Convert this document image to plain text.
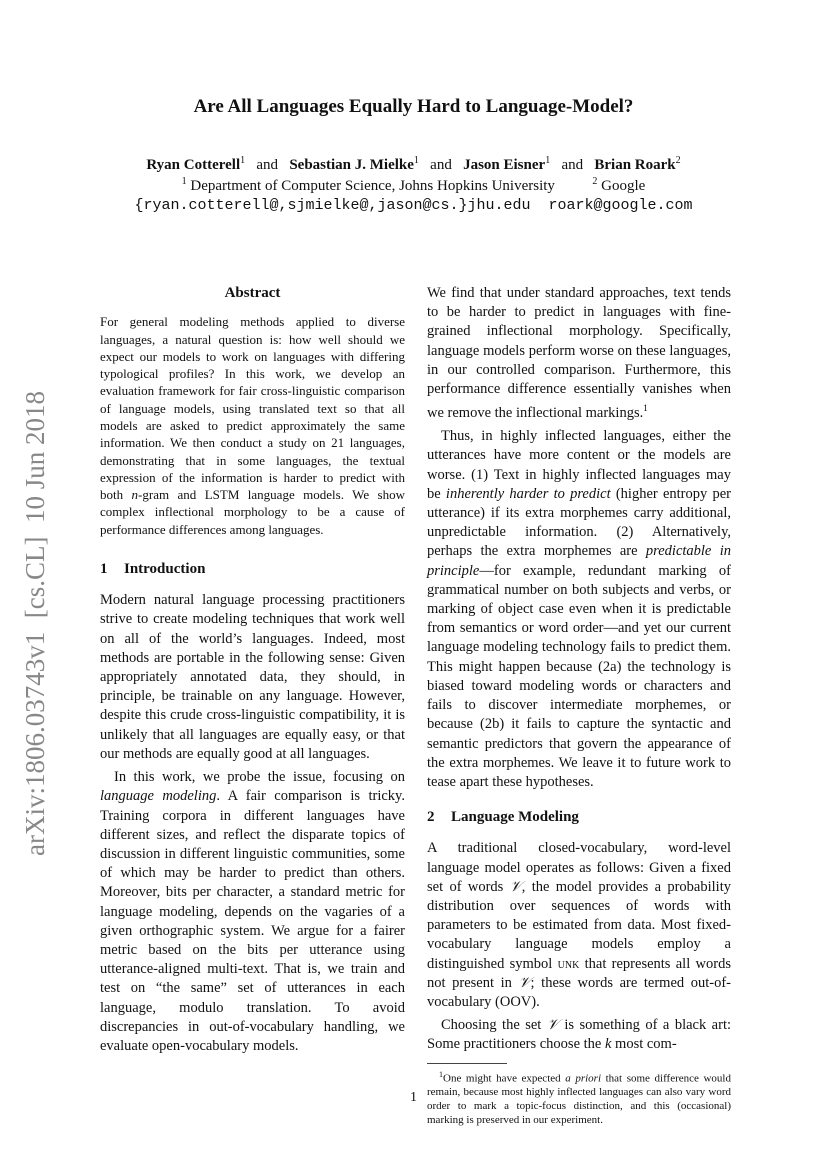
Are All Languages Equally Hard to Language-Model?
Ryan Cotterell$^1$ and Sebastian J. Mielke$^1$ and Jason Eisner$^1$ and Brian Roark$^2$
$^1$ Department of Computer Science, Johns Hopkins University	$^2$ Google
{ryan.cotterell@,sjmielke@,jason@cs.}jhu.edu  roark@google.com
arXiv:1806.03743v1  [cs.CL]  10 Jun 2018
Abstract

For general modeling methods applied to diverse languages, a natural question is: how well should we expect our models to work on languages with differing typological profiles? In this work, we develop an evaluation framework for fair cross-linguistic comparison of language models, using translated text so that all models are asked to predict approximately the same information. We then conduct a study on 21 languages, demonstrating that in some languages, the textual expression of the information is harder to predict with both n-gram and LSTM language models. We show complex inflectional morphology to be a cause of performance differences among languages.

1 Introduction

Modern natural language processing practitioners strive to create modeling techniques that work well on all of the world’s languages. Indeed, most methods are portable in the following sense: Given appropriately annotated data, they should, in principle, be trainable on any language. However, despite this crude cross-linguistic compatibility, it is unlikely that all languages are equally easy, or that our methods are equally good at all languages.

In this work, we probe the issue, focusing on language modeling. A fair comparison is tricky. Training corpora in different languages have different sizes, and reflect the disparate topics of discussion in different linguistic communities, some of which may be harder to predict than others. Moreover, bits per character, a standard metric for language modeling, depends on the vagaries of a given orthographic system. We argue for a fairer metric based on the bits per utterance using utterance-aligned multi-text. That is, we train and test on “the same” set of utterances in each language, modulo translation. To avoid discrepancies in out-of-vocabulary handling, we evaluate open-vocabulary models.

We find that under standard approaches, text tends to be harder to predict in languages with fine-grained inflectional morphology. Specifically, language models perform worse on these languages, in our controlled comparison. Furthermore, this performance difference essentially vanishes when we remove the inflectional markings.$^1$

Thus, in highly inflected languages, either the utterances have more content or the models are worse. (1) Text in highly inflected languages may be inherently harder to predict (higher entropy per utterance) if its extra morphemes carry additional, unpredictable information. (2) Alternatively, perhaps the extra morphemes are predictable in principle—for example, redundant marking of grammatical number on both subjects and verbs, or marking of object case even when it is predictable from semantics or word order—and yet our current language modeling technology fails to predict them. This might happen because (2a) the technology is biased toward modeling words or characters and fails to discover intermediate morphemes, or because (2b) it fails to capture the syntactic and semantic predictors that govern the appearance of the extra morphemes. We leave it to future work to tease apart these hypotheses.

2 Language Modeling

A traditional closed-vocabulary, word-level language model operates as follows: Given a fixed set of words 𝒱, the model provides a probability distribution over sequences of words with parameters to be estimated from data. Most fixed-vocabulary language models employ a distinguished symbol unk that represents all words not present in 𝒱; these words are termed out-of-vocabulary (OOV).

Choosing the set 𝒱 is something of a black art: Some practitioners choose the k most com-

$^1$One might have expected a priori that some difference would remain, because most highly inflected languages can also vary word order to mark a topic-focus distinction, and this (occasional) marking is preserved in our experiment.

1
